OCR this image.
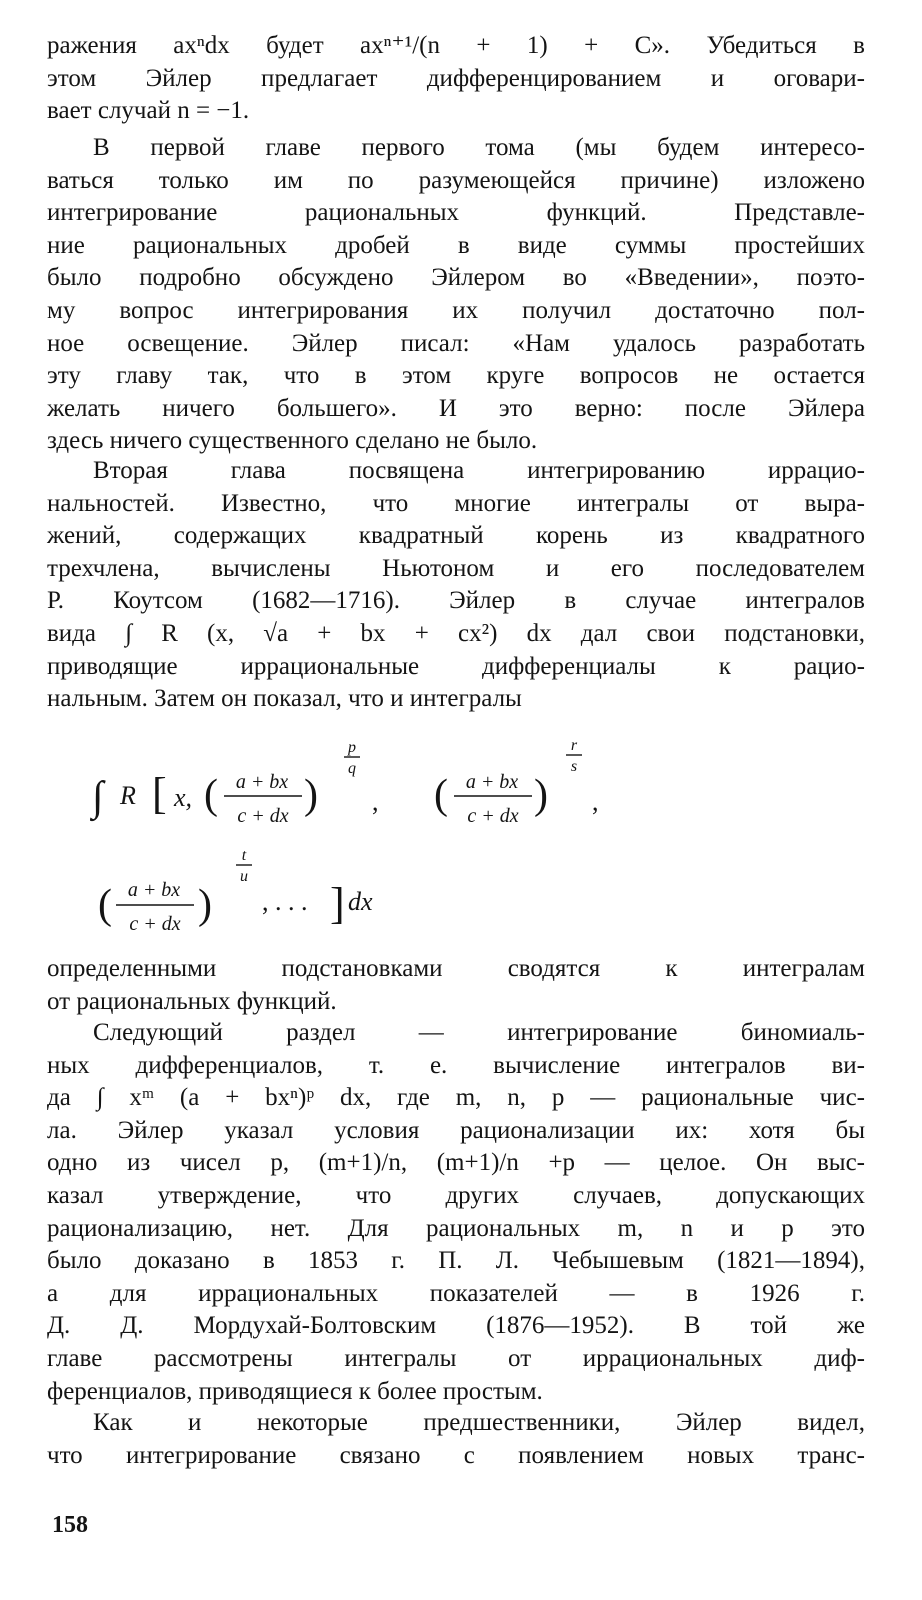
ражения axⁿdx будет axⁿ⁺¹/(n + 1) + C». Убедиться в
этом Эйлер предлагает дифференцированием и оговари-
вает случай n = −1.
В первой главе первого тома (мы будем интересо-
ваться только им по разумеющейся причине) изложено
интегрирование рациональных функций. Представле-
ние рациональных дробей в виде суммы простейших
было подробно обсуждено Эйлером во «Введении», поэто-
му вопрос интегрирования их получил достаточно пол-
ное освещение. Эйлер писал: «Нам удалось разработать
эту главу так, что в этом круге вопросов не остается
желать ничего большего». И это верно: после Эйлера
здесь ничего существенного сделано не было.
Вторая глава посвящена интегрированию иррацио-
нальностей. Известно, что многие интегралы от выра-
жений, содержащих квадратный корень из квадратного
трехчлена, вычислены Ньютоном и его последователем
Р. Коутсом (1682—1716). Эйлер в случае интегралов
вида ∫ R (x, √a + bx + cx²) dx дал свои подстановки,
приводящие иррациональные дифференциалы к рацио-
нальным. Затем он показал, что и интегралы
∫ R [ x, ( a + bx
c + dx )
p
q
, ( a + bx
c + dx )
r
s
,
( a + bx
c + dx )
t
u
, . . . ] dx
определенными подстановками сводятся к интегралам
от рациональных функций.
Следующий раздел — интегрирование биномиаль-
ных дифференциалов, т. е. вычисление интегралов ви-
да ∫ xᵐ (a + bxⁿ)ᵖ dx, где m, n, p — рациональные чис-
ла. Эйлер указал условия рационализации их: хотя бы
одно из чисел p, (m+1)/n, (m+1)/n +p — целое. Он выс-
казал утверждение, что других случаев, допускающих
рационализацию, нет. Для рациональных m, n и p это
было доказано в 1853 г. П. Л. Чебышевым (1821—1894),
а для иррациональных показателей — в 1926 г.
Д. Д. Мордухай-Болтовским (1876—1952). В той же
главе рассмотрены интегралы от иррациональных диф-
ференциалов, приводящиеся к более простым.
Как и некоторые предшественники, Эйлер видел,
что интегрирование связано с появлением новых транс-
158
